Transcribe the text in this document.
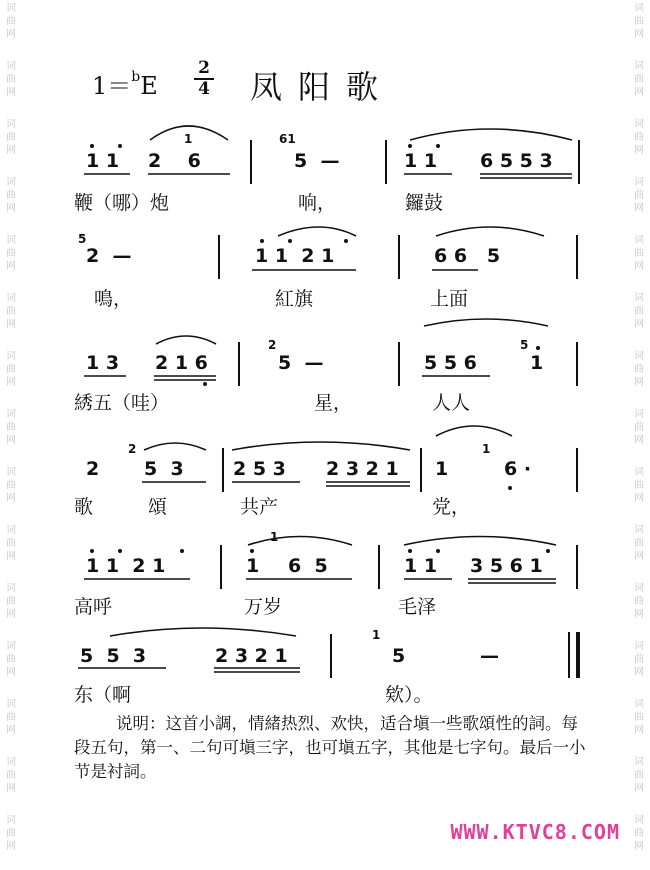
词
曲
网
词
曲
网
词
曲
网
词
曲
网
词
曲
网
词
曲
网
词
曲
网
词
曲
网
词
曲
网
词
曲
网
词
曲
网
词
曲
网
词
曲
网
词
曲
网
词
曲
网
词
曲
网
词
曲
网
词
曲
网
词
曲
网
词
曲
网
词
曲
网
词
曲
网
词
曲
网
词
曲
网
词
曲
网
词
曲
网
词
曲
网
词
曲
网
词
曲
网
词
曲
网
1＝$^b$E
2
4 凤阳歌
1 1 2    6	5  —	1 1 6 5 5 3
鞭（哪）炮	响，	鑼鼓
2  —	1 1  2 1	6 6   5
鳴，	紅旗	上面
1 3 2 1 6	5  —	5 5 6	1
綉五（哇）	星，	人人
2 5  3	2 5 3 2 3 2 1 1	6 ·
歌	頌	共产	党，
1 1  2 1	1 6  5	1 1 3 5 6 1
高呼	万岁	毛泽
5  5  3	2 3 2 1	5	—
东（啊	欸）。
1	61
5
2	5
2	1
1
1
说明：这首小調，情緒热烈、欢快，适合塡一些歌頌性的詞。每段五句，第一、二句可塡三字，也可塡五字，其他是七字句。最后一小节是衬詞。
WWW.KTVC8.COM
